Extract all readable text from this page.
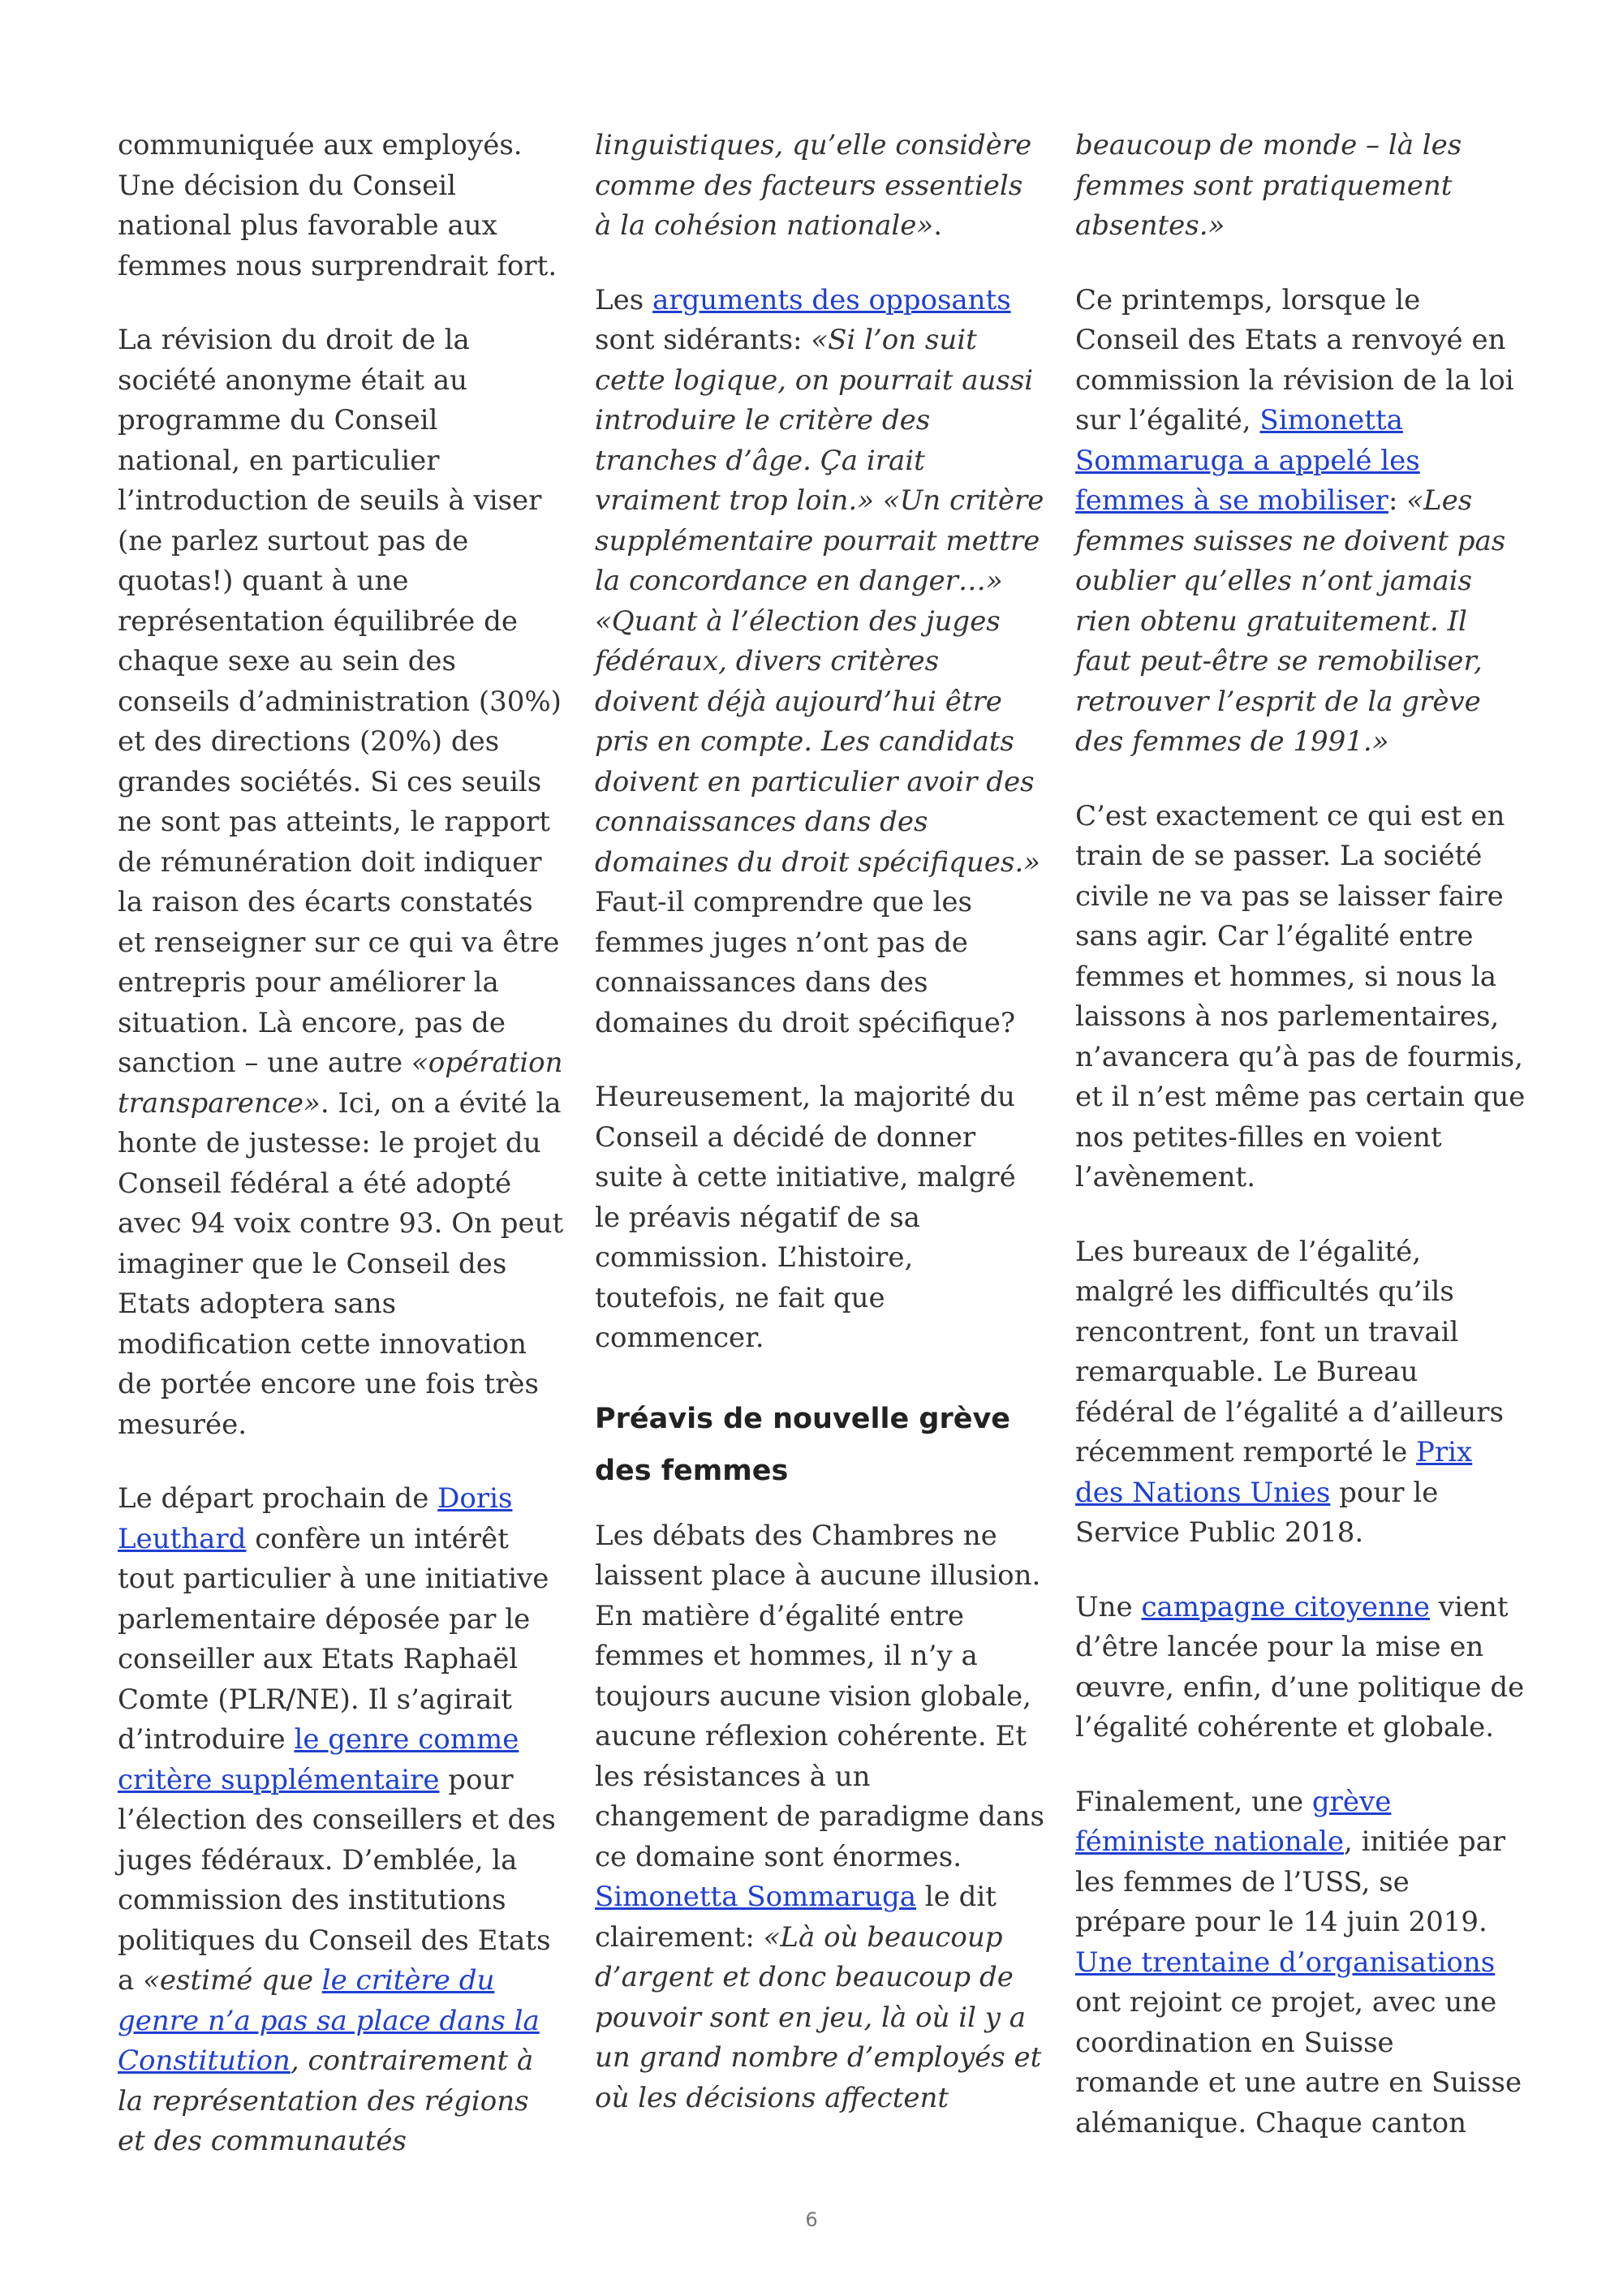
communiquée aux employés. Une décision du Conseil national plus favorable aux femmes nous surprendrait fort.

La révision du droit de la société anonyme était au programme du Conseil national, en particulier l’introduction de seuils à viser (ne parlez surtout pas de quotas!) quant à une représentation équilibrée de chaque sexe au sein des conseils d’administration (30%) et des directions (20%) des grandes sociétés. Si ces seuils ne sont pas atteints, le rapport de rémunération doit indiquer la raison des écarts constatés et renseigner sur ce qui va être entrepris pour améliorer la situation. Là encore, pas de sanction – une autre «opération transparence». Ici, on a évité la honte de justesse: le projet du Conseil fédéral a été adopté avec 94 voix contre 93. On peut imaginer que le Conseil des Etats adoptera sans modification cette innovation de portée encore une fois très mesurée.

Le départ prochain de Doris Leuthard confère un intérêt tout particulier à une initiative parlementaire déposée par le conseiller aux Etats Raphaël Comte (PLR/NE). Il s’agirait d’introduire le genre comme critère supplémentaire pour l’élection des conseillers et des juges fédéraux. D’emblée, la commission des institutions politiques du Conseil des Etats a «estimé que le critère du genre n’a pas sa place dans la Constitution, contrairement à la représentation des régions et des communautés

linguistiques, qu’elle considère comme des facteurs essentiels à la cohésion nationale».

Les arguments des opposants sont sidérants: «Si l’on suit cette logique, on pourrait aussi introduire le critère des tranches d’âge. Ça irait vraiment trop loin.» «Un critère supplémentaire pourrait mettre la concordance en danger…» «Quant à l’élection des juges fédéraux, divers critères doivent déjà aujourd’hui être pris en compte. Les candidats doivent en particulier avoir des connaissances dans des domaines du droit spécifiques.» Faut-il comprendre que les femmes juges n’ont pas de connaissances dans des domaines du droit spécifique?

Heureusement, la majorité du Conseil a décidé de donner suite à cette initiative, malgré le préavis négatif de sa commission. L’histoire, toutefois, ne fait que commencer.

Préavis de nouvelle grève des femmes

Les débats des Chambres ne laissent place à aucune illusion. En matière d’égalité entre femmes et hommes, il n’y a toujours aucune vision globale, aucune réflexion cohérente. Et les résistances à un changement de paradigme dans ce domaine sont énormes. Simonetta Sommaruga le dit clairement: «Là où beaucoup d’argent et donc beaucoup de pouvoir sont en jeu, là où il y a un grand nombre d’employés et où les décisions affectent

beaucoup de monde – là les femmes sont pratiquement absentes.»

Ce printemps, lorsque le Conseil des Etats a renvoyé en commission la révision de la loi sur l’égalité, Simonetta Sommaruga a appelé les femmes à se mobiliser: «Les femmes suisses ne doivent pas oublier qu’elles n’ont jamais rien obtenu gratuitement. Il faut peut-être se remobiliser, retrouver l’esprit de la grève des femmes de 1991.»

C’est exactement ce qui est en train de se passer. La société civile ne va pas se laisser faire sans agir. Car l’égalité entre femmes et hommes, si nous la laissons à nos parlementaires, n’avancera qu’à pas de fourmis, et il n’est même pas certain que nos petites-filles en voient l’avènement.

Les bureaux de l’égalité, malgré les difficultés qu’ils rencontrent, font un travail remarquable. Le Bureau fédéral de l’égalité a d’ailleurs récemment remporté le Prix des Nations Unies pour le Service Public 2018.

Une campagne citoyenne vient d’être lancée pour la mise en œuvre, enfin, d’une politique de l’égalité cohérente et globale.

Finalement, une grève féministe nationale, initiée par les femmes de l’USS, se prépare pour le 14 juin 2019. Une trentaine d’organisations ont rejoint ce projet, avec une coordination en Suisse romande et une autre en Suisse alémanique. Chaque canton

6
